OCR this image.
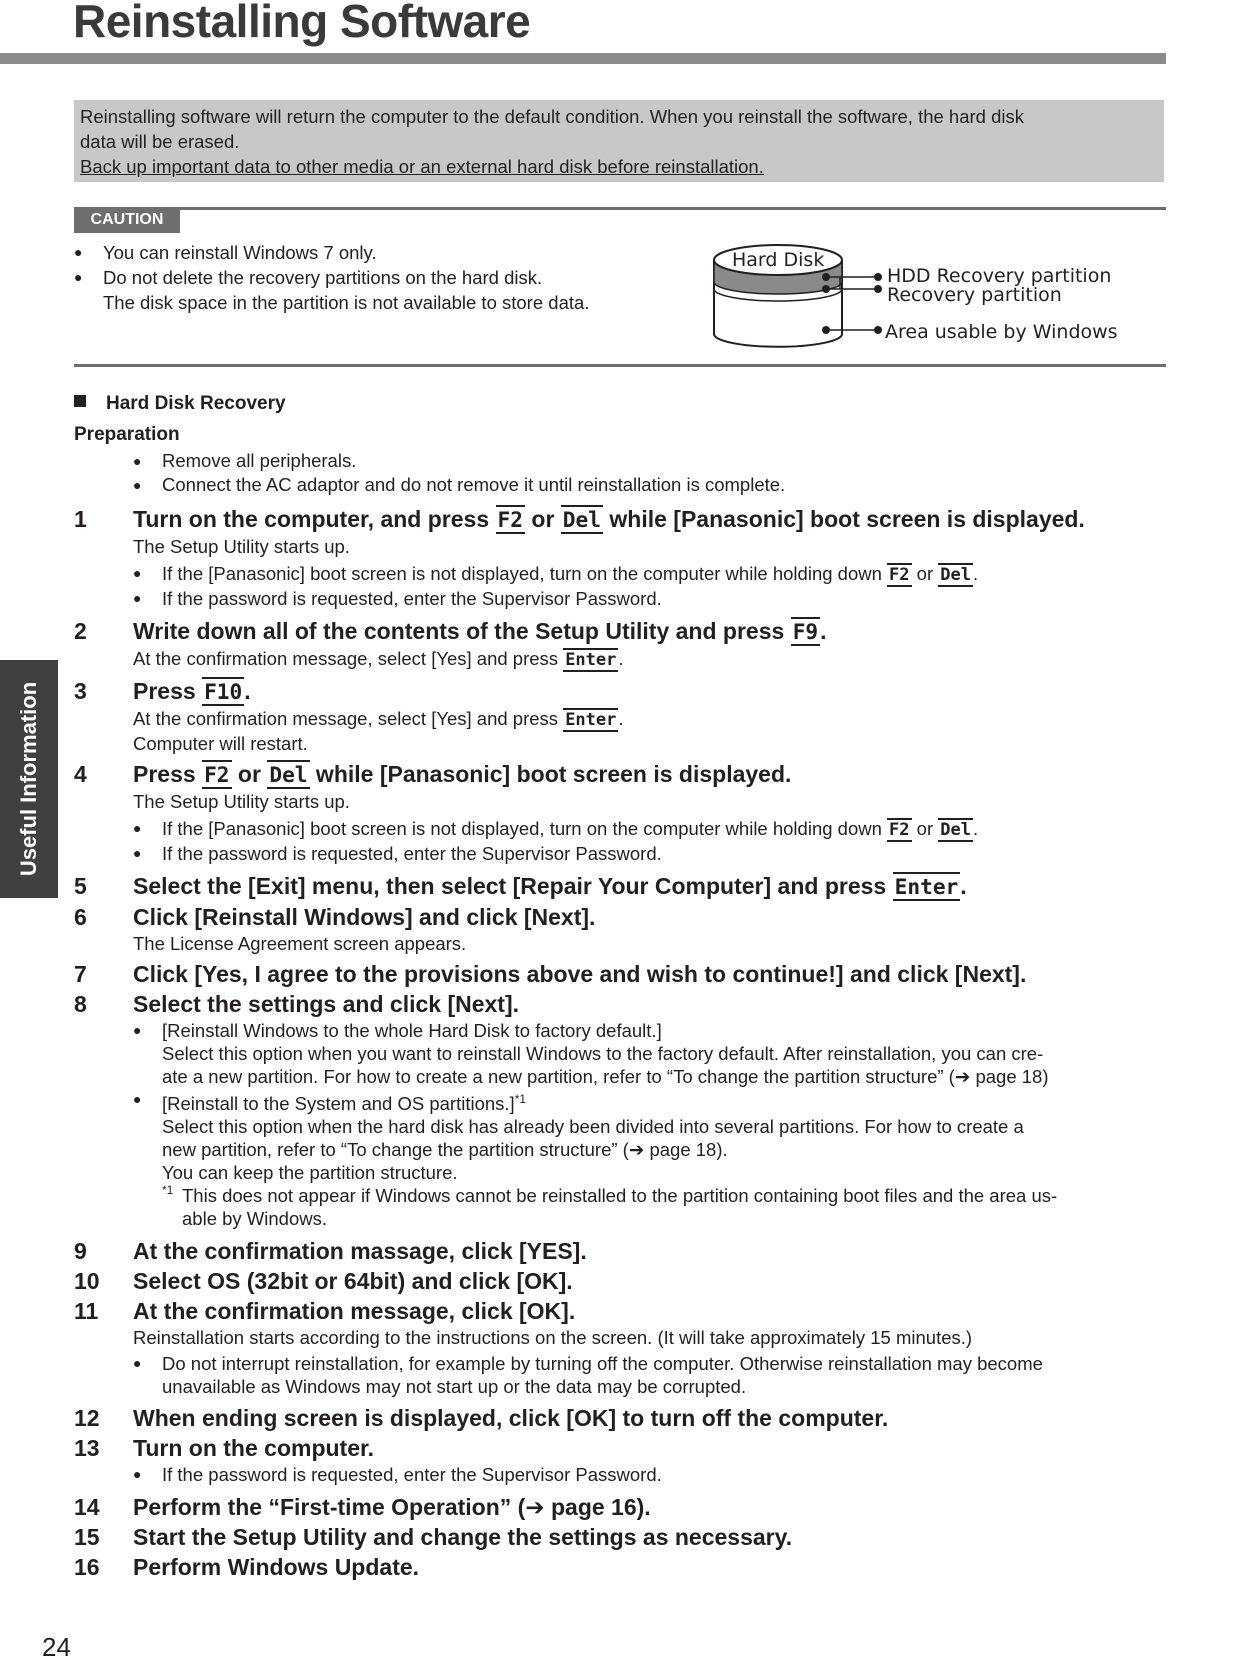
Reinstalling Software
Useful Information
Reinstalling software will return the computer to the default condition. When you reinstall the software, the hard disk
data will be erased.
Back up important data to other media or an external hard disk before reinstallation.
CAUTION
● You can reinstall Windows 7 only.
● Do not delete the recovery partitions on the hard disk.
The disk space in the partition is not available to store data.
Hard Disk
HDD Recovery partition
Recovery partition
Area usable by Windows
Hard Disk Recovery
Preparation
● Remove all peripherals.
● Connect the AC adaptor and do not remove it until reinstallation is complete.
1 Turn on the computer, and press F2 or Del while [Panasonic] boot screen is displayed.
The Setup Utility starts up.
● If the [Panasonic] boot screen is not displayed, turn on the computer while holding down F2 or Del .
● If the password is requested, enter the Supervisor Password.
2 Write down all of the contents of the Setup Utility and press F9.
At the confirmation message, select [Yes] and press Enter .
3 Press F10.
At the confirmation message, select [Yes] and press Enter .
Computer will restart.
4 Press F2 or Del while [Panasonic] boot screen is displayed.
The Setup Utility starts up.
● If the [Panasonic] boot screen is not displayed, turn on the computer while holding down F2 or Del .
● If the password is requested, enter the Supervisor Password.
5 Select the [Exit] menu, then select [Repair Your Computer] and press Enter.
6 Click [Reinstall Windows] and click [Next].
The License Agreement screen appears.
7 Click [Yes, I agree to the provisions above and wish to continue!] and click [Next].
8 Select the settings and click [Next].
● [Reinstall Windows to the whole Hard Disk to factory default.]
Select this option when you want to reinstall Windows to the factory default. After reinstallation, you can cre-
ate a new partition. For how to create a new partition, refer to “To change the partition structure” (➔ page 18)
● [Reinstall to the System and OS partitions.]$^{*1}$
Select this option when the hard disk has already been divided into several partitions. For how to create a
new partition, refer to “To change the partition structure” (➔ page 18).
You can keep the partition structure.
*1 This does not appear if Windows cannot be reinstalled to the partition containing boot files and the area us-
able by Windows.
9 At the confirmation massage, click [YES].
10 Select OS (32bit or 64bit) and click [OK].
11 At the confirmation message, click [OK].
Reinstallation starts according to the instructions on the screen. (It will take approximately 15 minutes.)
● Do not interrupt reinstallation, for example by turning off the computer. Otherwise reinstallation may become
unavailable as Windows may not start up or the data may be corrupted.
12 When ending screen is displayed, click [OK] to turn off the computer.
13 Turn on the computer.
● If the password is requested, enter the Supervisor Password.
14 Perform the “First-time Operation” (➔ page 16).
15 Start the Setup Utility and change the settings as necessary.
16 Perform Windows Update.
24
